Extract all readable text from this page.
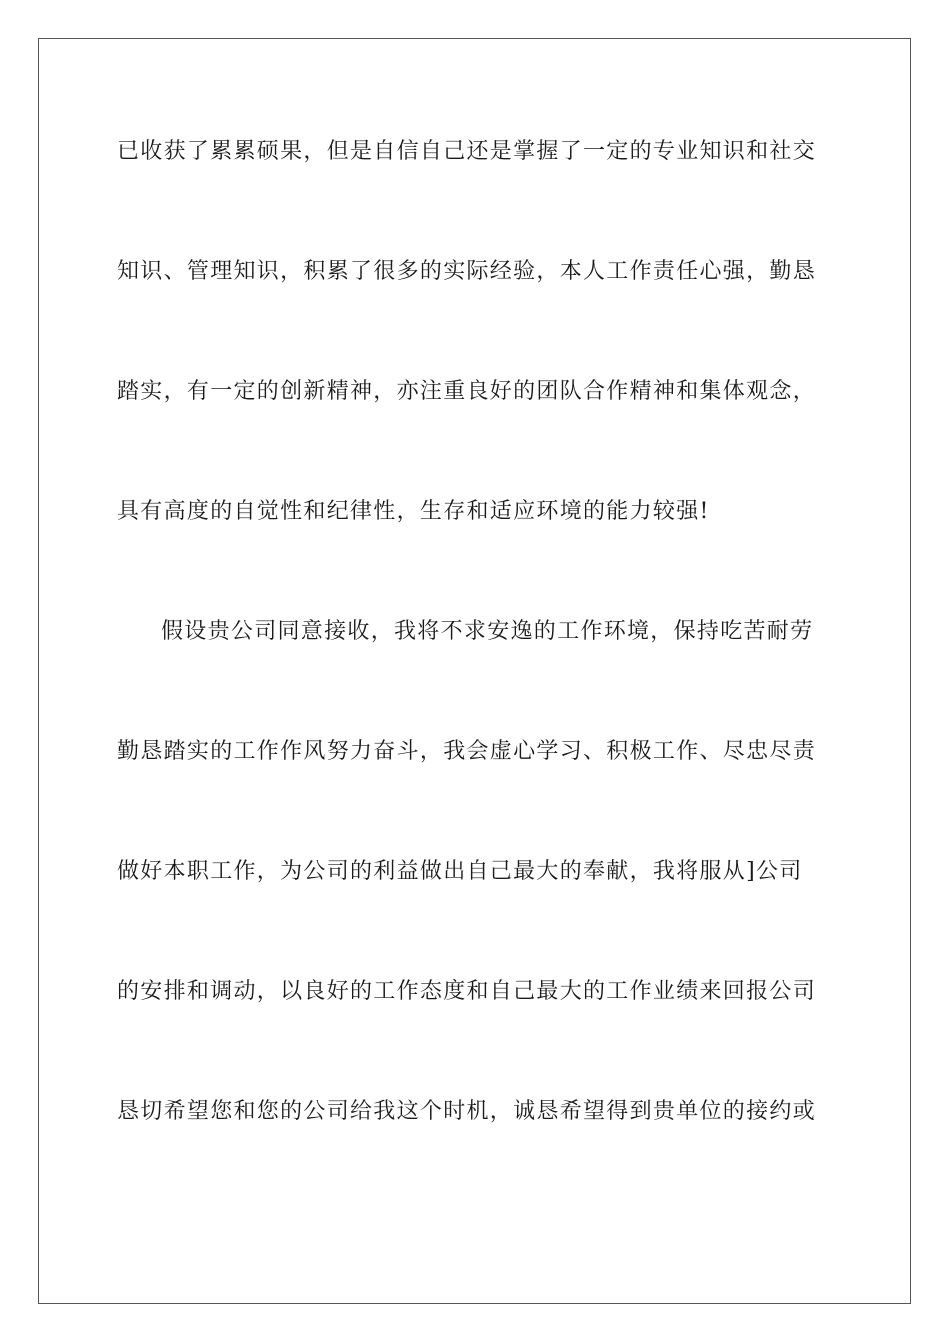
已收获了累累硕果，但是自信自己还是掌握了一定的专业知识和社交
知识、管理知识，积累了很多的实际经验，本人工作责任心强，勤恳
踏实，有一定的创新精神，亦注重良好的团队合作精神和集体观念，
具有高度的自觉性和纪律性，生存和适应环境的能力较强!
假设贵公司同意接收，我将不求安逸的工作环境，保持吃苦耐劳
勤恳踏实的工作作风努力奋斗，我会虚心学习、积极工作、尽忠尽责
做好本职工作，为公司的利益做出自己最大的奉献，我将服从]公司
的安排和调动，以良好的工作态度和自己最大的工作业绩来回报公司
恳切希望您和您的公司给我这个时机，诚恳希望得到贵单位的接约或
